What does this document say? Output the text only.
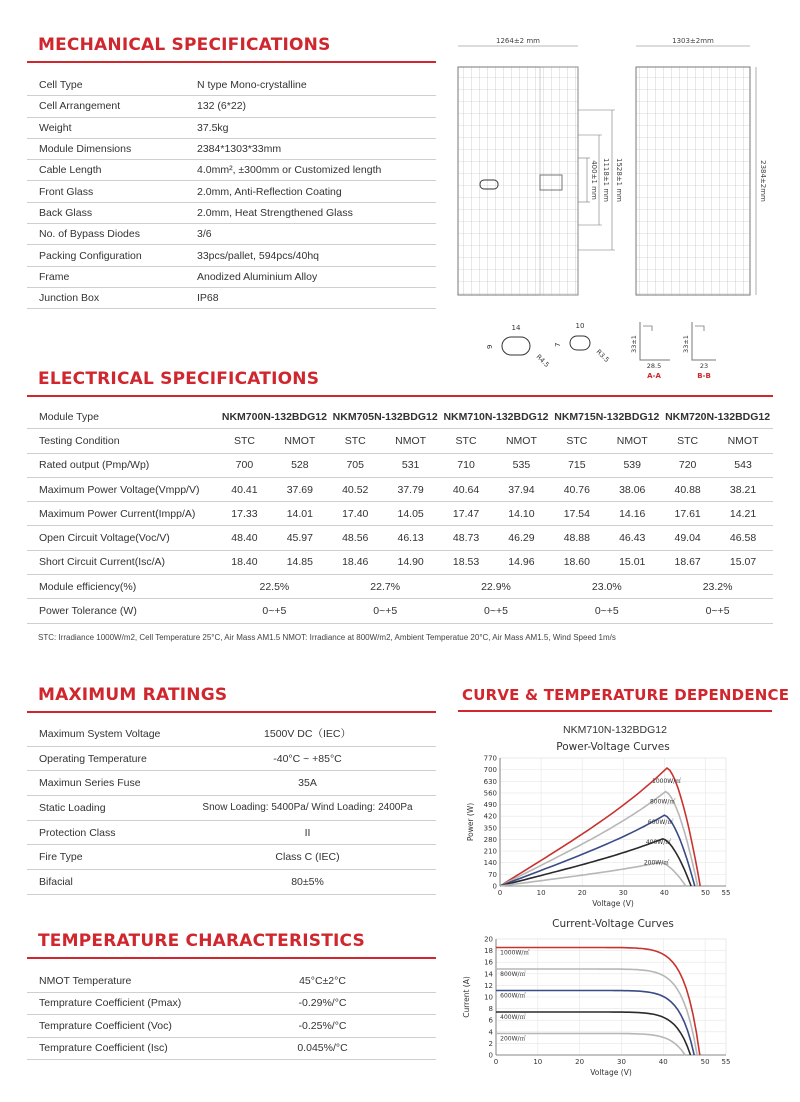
MECHANICAL SPECIFICATIONS
Cell Type	N type Mono-crystalline
Cell Arrangement	132 (6*22)
Weight	37.5kg
Module Dimensions	2384*1303*33mm
Cable Length	4.0mm², ±300mm or Customized length
Front Glass	2.0mm, Anti-Reflection Coating
Back Glass	2.0mm, Heat Strengthened Glass
No. of Bypass Diodes	3/6
Packing Configuration	33pcs/pallet, 594pcs/40hq
Frame	Anodized Aluminium Alloy
Junction Box	IP68
1264±2 mm
1528±1 mm
1118±1 mm
400±1 mm
1303±2mm
2384±2mm
14
9
R4.5
10
7
R3.5
33±1
28.5
A-A
33±1
23
B-B
ELECTRICAL SPECIFICATIONS
Module Type	NKM700N-132BDG12		NKM705N-132BDG12		NKM710N-132BDG12		NKM715N-132BDG12		NKM720N-132BDG12	
Testing Condition	STC	NMOT	STC	NMOT	STC	NMOT	STC	NMOT	STC	NMOT
Rated output (Pmp/Wp)	700	528	705	531	710	535	715	539	720	543
Maximum Power Voltage(Vmpp/V)	40.41	37.69	40.52	37.79	40.64	37.94	40.76	38.06	40.88	38.21
Maximum Power Current(Impp/A)	17.33	14.01	17.40	14.05	17.47	14.10	17.54	14.16	17.61	14.21
Open Circuit Voltage(Voc/V)	48.40	45.97	48.56	46.13	48.73	46.29	48.88	46.43	49.04	46.58
Short Circuit Current(Isc/A)	18.40	14.85	18.46	14.90	18.53	14.96	18.60	15.01	18.67	15.07
Module efficiency(%)	22.5%		22.7%		22.9%		23.0%		23.2%	
Power Tolerance (W)	0~+5		0~+5		0~+5		0~+5		0~+5	
STC: Irradiance 1000W/m2, Cell Temperature 25°C, Air Mass AM1.5 NMOT: Irradiance at 800W/m2, Ambient Temperatue 20°C, Air Mass AM1.5, Wind Speed 1m/s
MAXIMUM RATINGS
Maximum System Voltage	1500V DC（IEC）
Operating Temperature	-40°C ~ +85°C
Maximun Series Fuse	35A
Static Loading	Snow Loading: 5400Pa/ Wind Loading: 2400Pa
Protection Class	II
Fire Type	Class C (IEC)
Bifacial	80±5%
TEMPERATURE CHARACTERISTICS
NMOT Temperature	45°C±2°C
Temprature Coefficient (Pmax)	-0.29%/°C
Temprature Coefficient (Voc)	-0.25%/°C
Temprature Coefficient (Isc)	0.045%/°C
CURVE & TEMPERATURE DEPENDENCE
NKM710N-132BDG12
Power-Voltage Curves
0	10	20	30	40	50 55
0
70
140
210
280
350
420
490
560
630
700
770
Voltage (V)
Power (W)
1000W/㎡
800W/㎡
600W/㎡
400W/㎡
200W/㎡
Current-Voltage Curves
0	10	20	30	40	50 55
0
2
4
6
8
10
12
14
16
18
20
Voltage (V)
Current (A)
1000W/㎡
800W/㎡
600W/㎡
400W/㎡
200W/㎡
